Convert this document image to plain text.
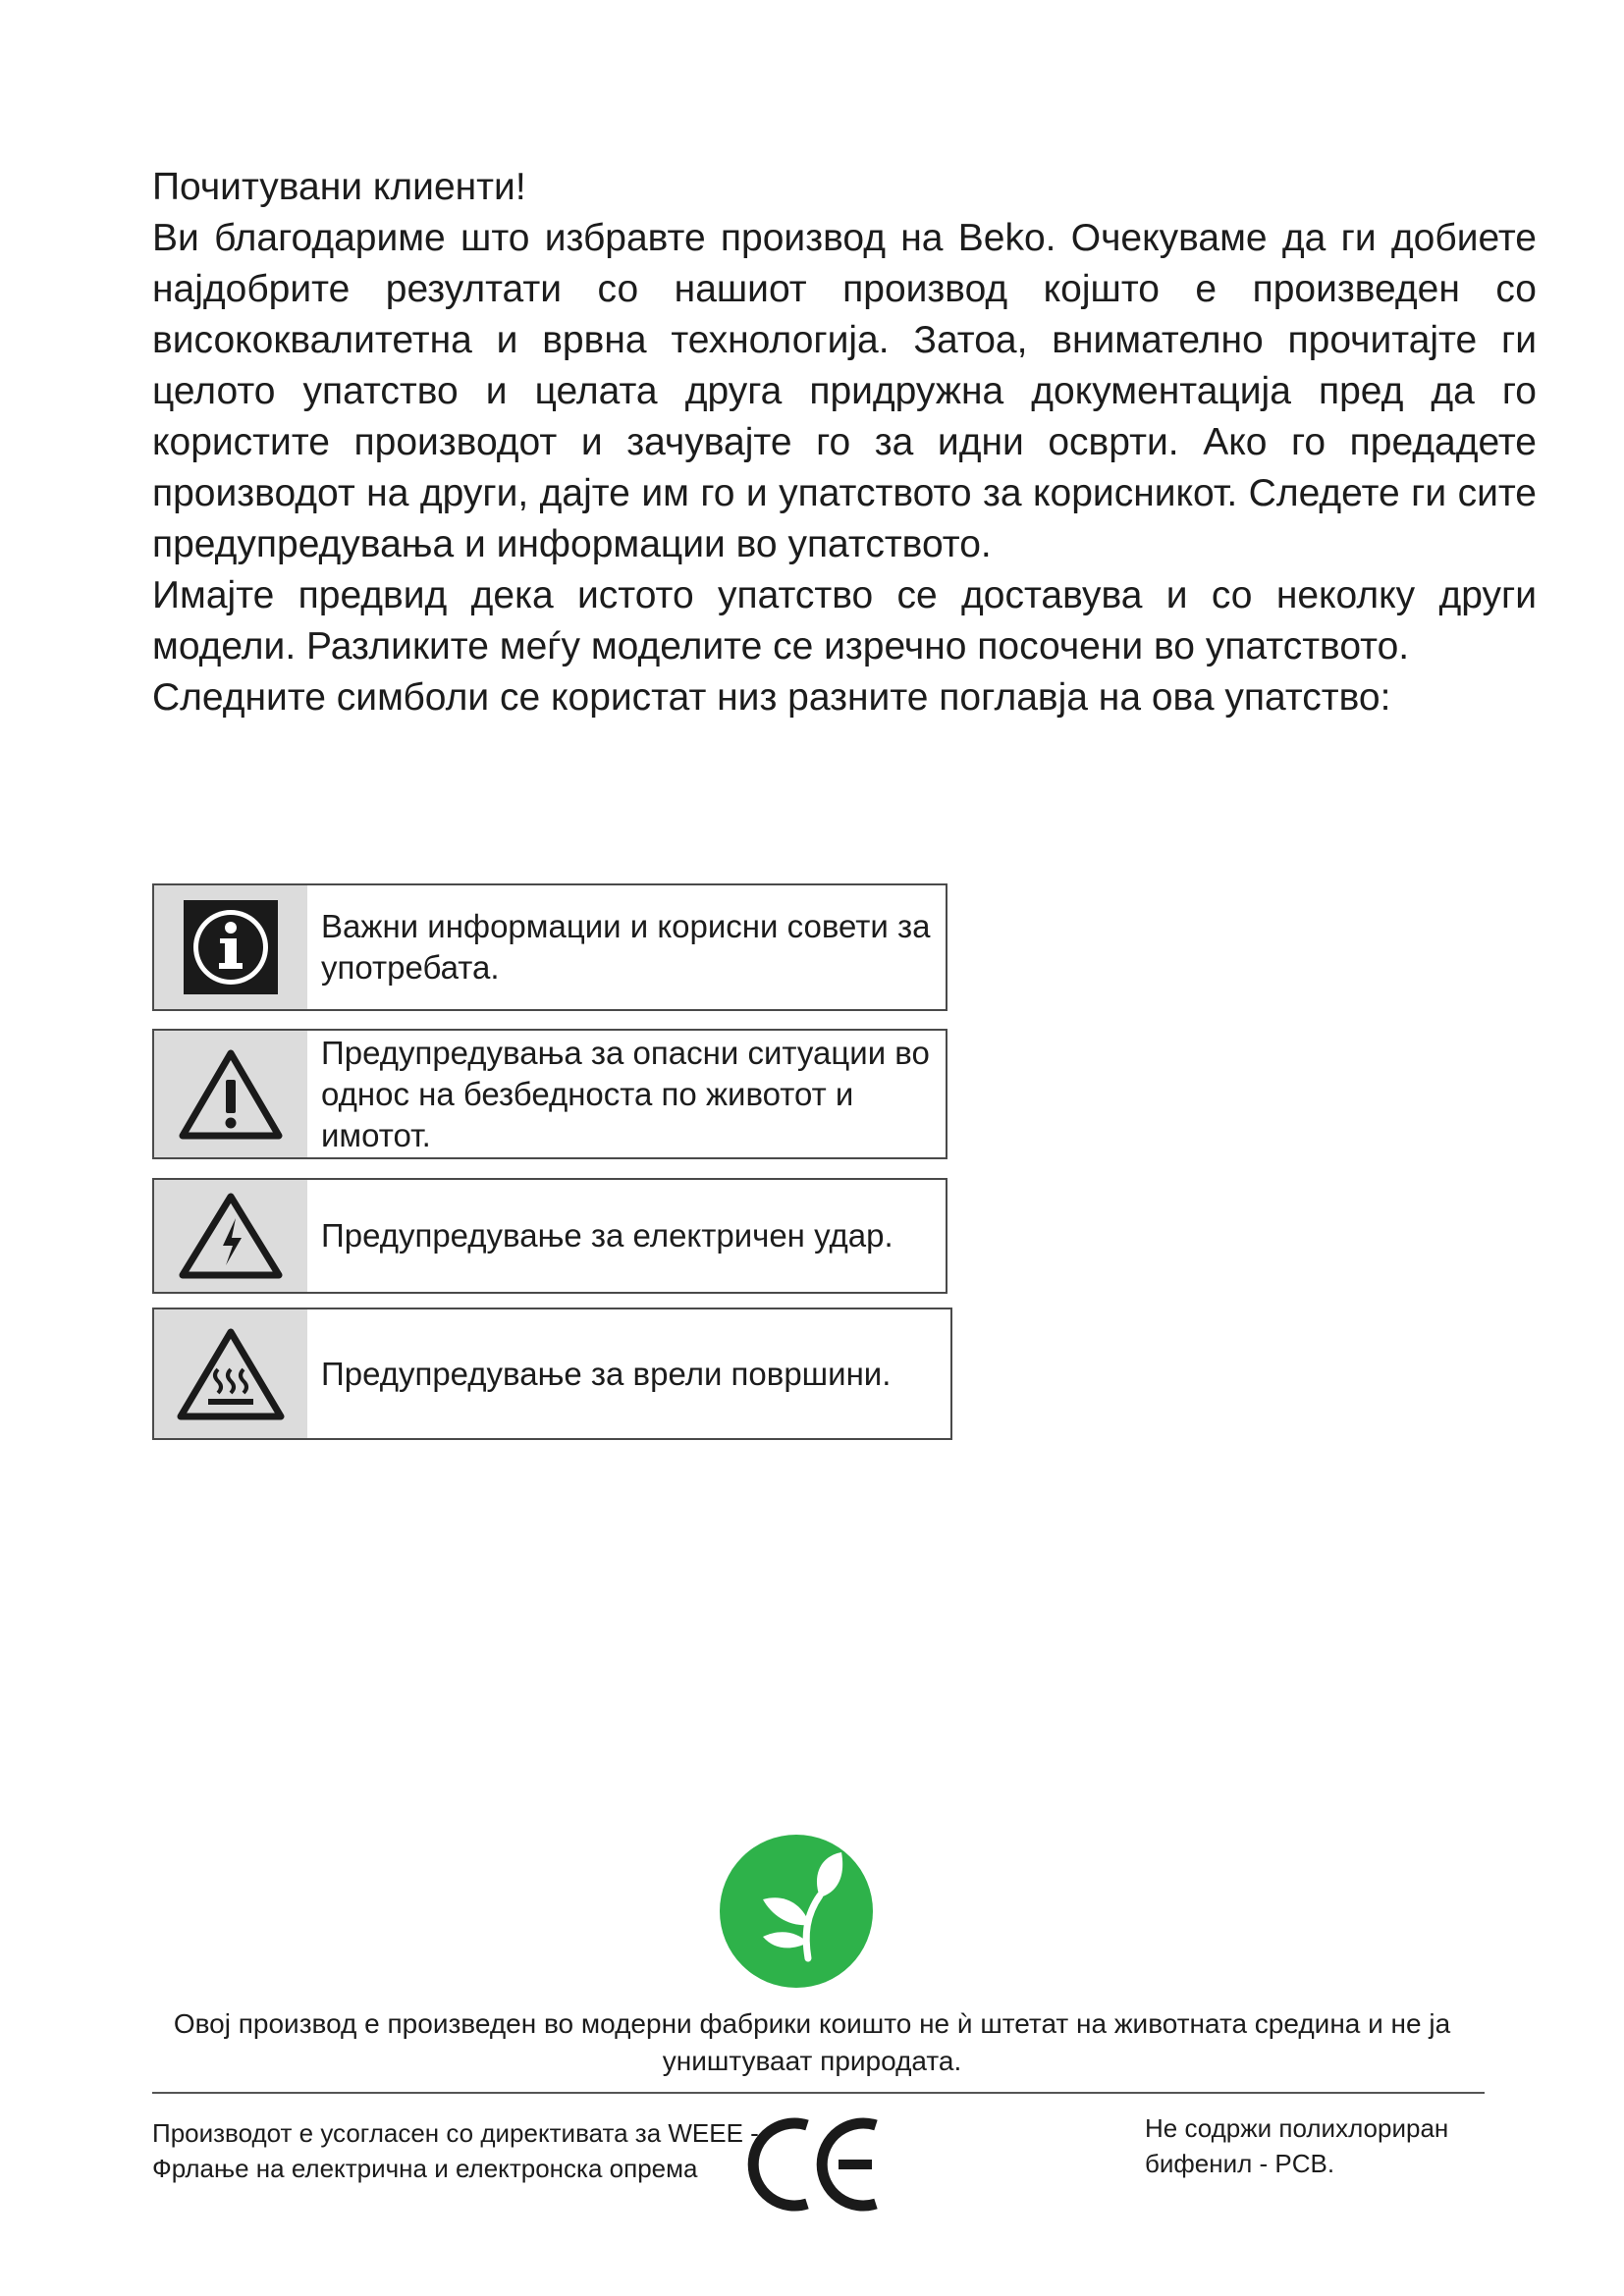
Почитувани клиенти!

Ви благодариме што избравте производ на Beko. Очекуваме да ги добиете најдобрите резултати со нашиот производ којшто е произведен со висококвалитетна и врвна технологија. Затоа, внимателно прочитајте ги целото упатство и целата друга придружна документација пред да го користите производот и зачувајте го за идни осврти. Ако го предадете производот на други, дајте им го и упатството за корисникот. Следете ги сите предупредувања и информации во упатството.

Имајте предвид дека истото упатство се доставува и со неколку други модели. Разликите меѓу моделите се изречно посочени во упатството.

Следните симболи се користат низ разните поглавја на ова упатство:

Важни информации и корисни совети за употребата.
Предупредувања за опасни ситуации во однос на безбедноста по животот и имотот.
Предупредување за електричен удар.
Предупредување за врели површини.
Овој производ е произведен во модерни фабрики коишто не ѝ штетат на животната средина и не ја уништуваат природата.
Производот е усогласен со директивата за WEEE -
Фрлање на електрична и електронска опрема
Не содржи полихлориран
бифенил - PCB.
